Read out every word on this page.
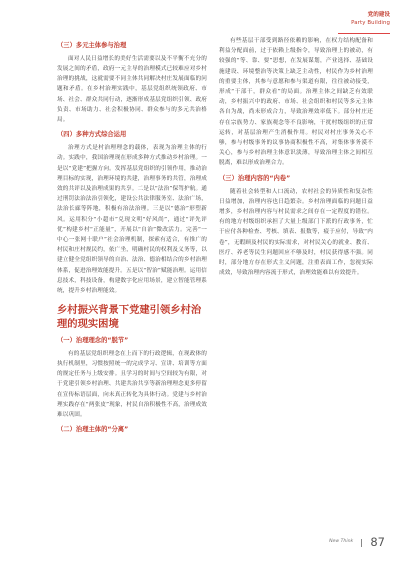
党的建设
Party Building
（三）多元主体参与治理

面对人民日益增长的美好生活需要以及不平衡不充分的发展之间的矛盾，政府一元主导的治理模式已较难应对乡村治理的挑战，这就需要不同主体共同解决村庄发展面临的问题和矛盾。在乡村治理实践中，基层党组织统领政府、市场、社会、群众共同行动，逐渐形成基层党组织引领、政府负责、市场助力、社会积极协同、群众参与的多元共治格局。

（四）多种方式综合运用

治理方式是村治理理念的载体，表现为治理主体的行动。实践中，我国治理现在形成多种方式推动乡村治理。一是以“党建”把握方向。发挥基层党组织的引领作用，推动治理目标的实现，治理环境的共建，治理事务的共管，治理成效的共评以及治理成果的共享。二是以“法治”保驾护航。通过刑罚法治法治引领化，建设公共法律服务室、法治广场，法治长廊等阵地，积极有治法治理。三是以“德治”形塑新风。运用积分“小超市”兑现文明“好风尚”，通过“评先评优”构建乡村“正能量”，开展以“自治”微改活力。完善“一中心一张网十联户”社会治理机制，探索有适合，有推广的村民和庄村规民约，依广坐，明确村民的权利及义务等，以建立健全党组织领导的自治、法治、德治相结合的乡村治理体系，促进治理效能提升。五是以“智治”赋能治理。运用信息技术，科技设备，构建数字化应用场景，建立智能管理系统，提升乡村治理能效。

乡村振兴背景下党建引领乡村治理的现实困境
（一）治理理念的“脱节”

有的基层党组织理念在上而下的行政逻辑，在现政体的执行机制里，习惯按照统一的完成学习、宣讲、培训等方面的规定任务与上级安排。且学习的时间与空间较为有限，对于党建引领乡村治理、共建共治共享等新治理理念更多停留在宣传标语层面，向未真正转化为具体行动。党建与乡村治理实践存在“两张皮”现象，村民自治积极性不高，治理成效难以巩固。

（二）治理主体的“分离”

有些基层干部受到路径依赖的影响，在权力结构配备和利益分配面前，过于依赖上级指令，导致治理上的被动，有较强的“等、靠、要”思想，在发展谋划，产业选择、基础设施建设、环境整治等决策上缺乏主动性，村民作为乡村治理的重要主体，其参与意愿和参与渠道有限，往往被动接受，形成“干部干，群众看”的局面。治理主体之间缺乏有效联动，乡村振兴中的政府、市场、社会组织和村民等多元主体各自为战，尚未形成合力，导致治理效率低下。部分村庄还存在宗族势力、家族观念等不良影响，干扰村级组织的正常运转，对基层治理产生消极作用。村民对村庄事务关心不够，参与村级事务的议事协商积极性不高，对集体事务漠不关心，参与乡村治理主体意识淡薄，导致治理主体之间相互脱离，难以形成治理合力。

（三）治理内容的“内卷”

随着社会转型和人口流动，农村社会的异质性和复杂性日益增加，治理内容也日趋繁杂。乡村治理面临的问题日益增多，乡村治理内容与村民需求之间存在一定程度的错位。有的地方村级组织承担了大量上级部门下派的行政事务，忙于应付各种检查、考核、填表、报数等，疲于应付，导致“内卷”，无暇顾及村民的实际需求，对村民关心的就业、教育、医疗、养老等民生问题回应不够及时，村民获得感不强。同时，部分地方存在形式主义问题，注重表面工作，忽视实际成效，导致治理内容流于形式，治理效能难以有效提升。

New Think 87
